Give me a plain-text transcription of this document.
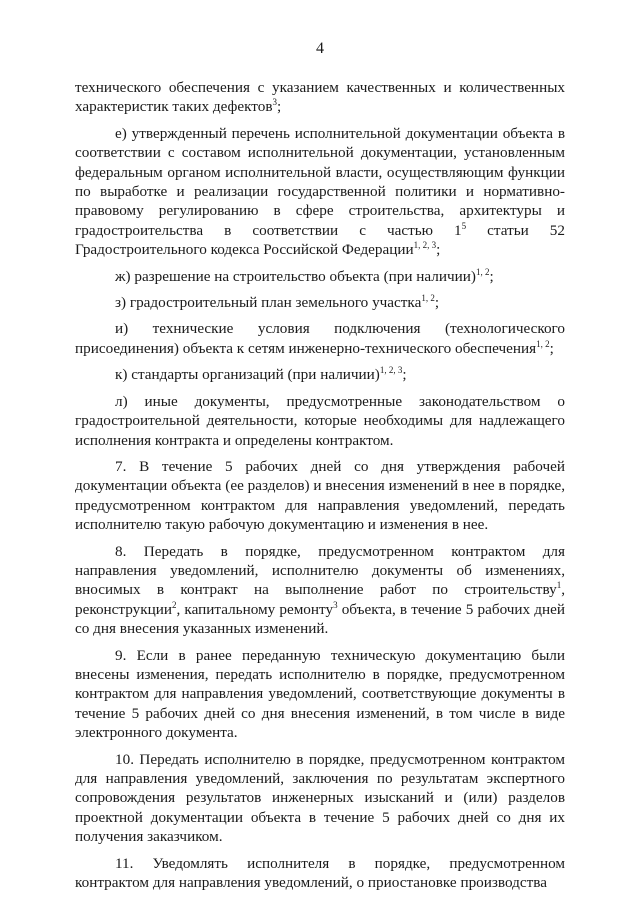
4

технического обеспечения с указанием качественных и количественных характеристик таких дефектов$^3$;

е) утвержденный перечень исполнительной документации объекта в соответствии с составом исполнительной документации, установленным федеральным органом исполнительной власти, осуществляющим функции по выработке и реализации государственной политики и нормативно-правовому регулированию в сфере строительства, архитектуры и градостроительства в соответствии с частью $1^5$ статьи 52 Градостроительного кодекса Российской Федерации$^{1, 2, 3}$;

ж) разрешение на строительство объекта (при наличии)$^{1, 2}$;

з) градостроительный план земельного участка$^{1, 2}$;

и) технические условия подключения (технологического присоединения) объекта к сетям инженерно-технического обеспечения$^{1, 2}$;

к) стандарты организаций (при наличии)$^{1, 2, 3}$;

л) иные документы, предусмотренные законодательством о градостроительной деятельности, которые необходимы для надлежащего исполнения контракта и определены контрактом.

7. В течение 5 рабочих дней со дня утверждения рабочей документации объекта (ее разделов) и внесения изменений в нее в порядке, предусмотренном контрактом для направления уведомлений, передать исполнителю такую рабочую документацию и изменения в нее.

8. Передать в порядке, предусмотренном контрактом для направления уведомлений, исполнителю документы об изменениях, вносимых в контракт на выполнение работ по строительству$^1$, реконструкции$^2$, капитальному ремонту$^3$ объекта, в течение 5 рабочих дней со дня внесения указанных изменений.

9. Если в ранее переданную техническую документацию были внесены изменения, передать исполнителю в порядке, предусмотренном контрактом для направления уведомлений, соответствующие документы в течение 5 рабочих дней со дня внесения изменений, в том числе в виде электронного документа.

10. Передать исполнителю в порядке, предусмотренном контрактом для направления уведомлений, заключения по результатам экспертного сопровождения результатов инженерных изысканий и (или) разделов проектной документации объекта в течение 5 рабочих дней со дня их получения заказчиком.

11. Уведомлять исполнителя в порядке, предусмотренном контрактом для направления уведомлений, о приостановке производства
